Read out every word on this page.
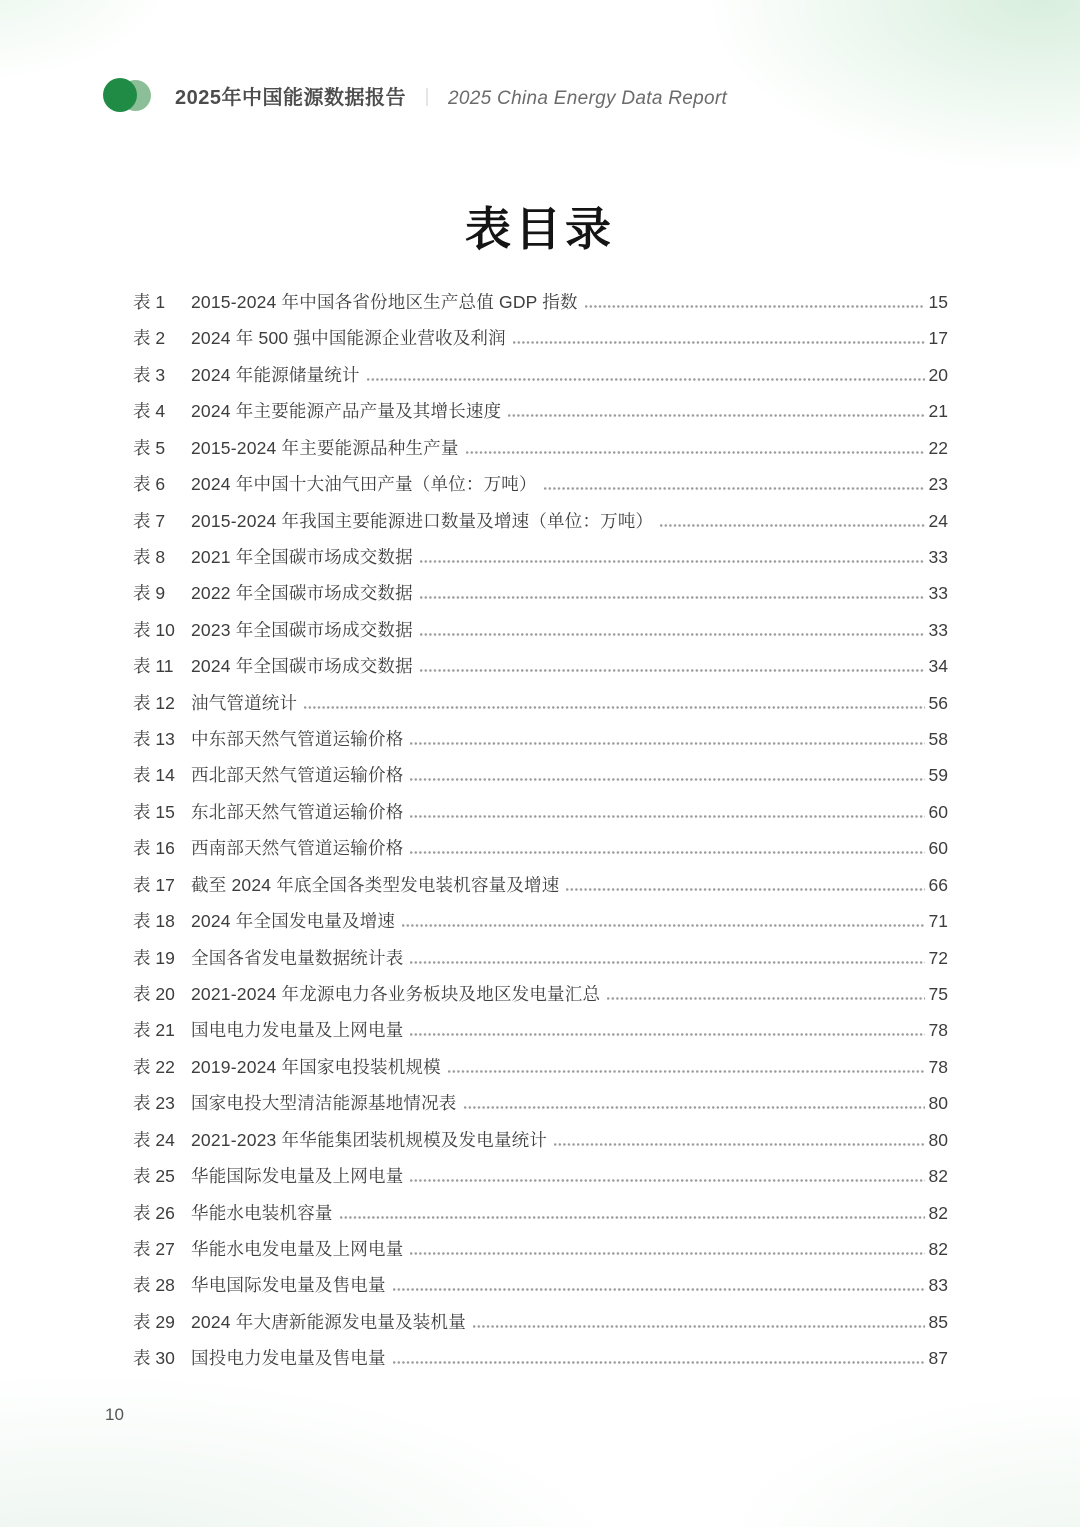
2025年中国能源数据报告 ｜ 2025 China Energy Data Report
表目录
表 1	2015-2024 年中国各省份地区生产总值 GDP 指数	15
表 2	2024 年 500 强中国能源企业营收及利润	17
表 3	2024 年能源储量统计	20
表 4	2024 年主要能源产品产量及其增长速度	21
表 5	2015-2024 年主要能源品种生产量	22
表 6	2024 年中国十大油气田产量（单位：万吨）	23
表 7	2015-2024 年我国主要能源进口数量及增速（单位：万吨）	24
表 8	2021 年全国碳市场成交数据	33
表 9	2022 年全国碳市场成交数据	33
表 10 2023 年全国碳市场成交数据	33
表 11 2024 年全国碳市场成交数据	34
表 12 油气管道统计	56
表 13 中东部天然气管道运输价格	58
表 14 西北部天然气管道运输价格	59
表 15 东北部天然气管道运输价格	60
表 16 西南部天然气管道运输价格	60
表 17 截至 2024 年底全国各类型发电装机容量及增速	66
表 18 2024 年全国发电量及增速	71
表 19 全国各省发电量数据统计表	72
表 20 2021-2024 年龙源电力各业务板块及地区发电量汇总	75
表 21 国电电力发电量及上网电量	78
表 22 2019-2024 年国家电投装机规模	78
表 23 国家电投大型清洁能源基地情况表	80
表 24 2021-2023 年华能集团装机规模及发电量统计	80
表 25 华能国际发电量及上网电量	82
表 26 华能水电装机容量	82
表 27 华能水电发电量及上网电量	82
表 28 华电国际发电量及售电量	83
表 29 2024 年大唐新能源发电量及装机量	85
表 30 国投电力发电量及售电量	87
10
